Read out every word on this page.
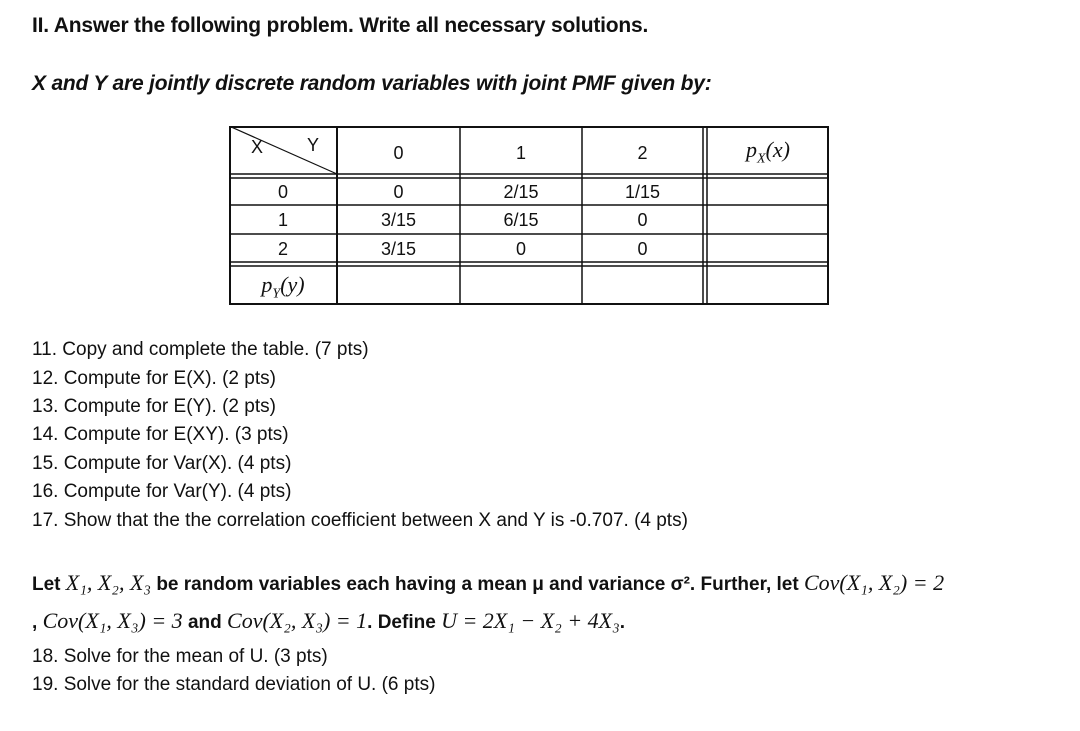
II. Answer the following problem. Write all necessary solutions.
X and Y are jointly discrete random variables with joint PMF given by:
X Y	0	1	2	$p_X(x)$
0	0	2/15	1/15
1	3/15	6/15	0
2	3/15	0	0
$p_Y(y)$
11. Copy and complete the table. (7 pts)
12. Compute for E(X). (2 pts)
13. Compute for E(Y). (2 pts)
14. Compute for E(XY). (3 pts)
15. Compute for Var(X). (4 pts)
16. Compute for Var(Y). (4 pts)
17. Show that the the correlation coefficient between X and Y is -0.707. (4 pts)
Let X₁, X₂, X₃ be random variables each having a mean μ and variance σ². Further, let Cov(X₁, X₂) = 2
, Cov(X₁, X₃) = 3 and Cov(X₂, X₃) = 1. Define U = 2X₁ − X₂ + 4X₃.
18. Solve for the mean of U. (3 pts)
19. Solve for the standard deviation of U. (6 pts)
